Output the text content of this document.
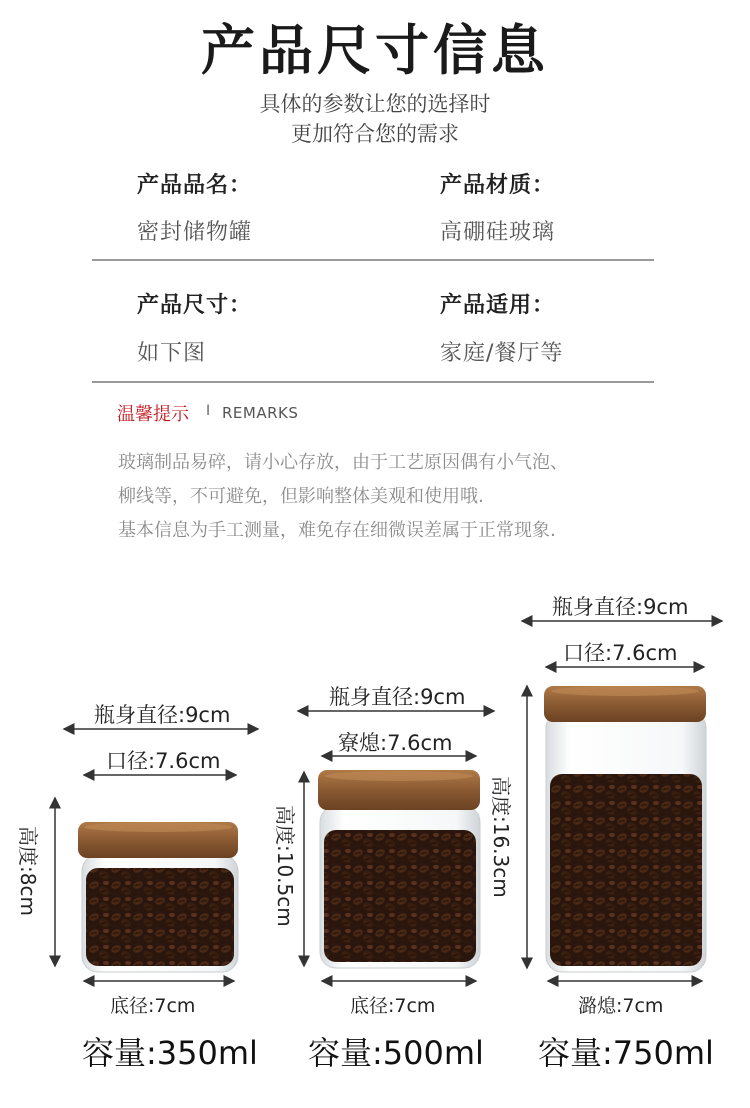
产品尺寸信息
具体的参数让您的选择时
更加符合您的需求
产品品名：
密封储物罐
产品材质：
高硼硅玻璃
产品尺寸：
如下图
产品适用：
家庭/餐厅等
温馨提示 I REMARKS
玻璃制品易碎，请小心存放，由于工艺原因偶有小气泡、
柳线等，不可避免，但影响整体美观和使用哦.
基本信息为手工测量，难免存在细微误差属于正常现象.
瓶身直径:9cm
口径:7.6cm
高度:8cm
底径:7cm
容量:350ml
瓶身直径:9cm
寮熄:7.6cm
高度:10.5cm
底径:7cm
容量:500ml
瓶身直径:9cm
口径:7.6cm
高度:16.3cm
潞熄:7cm
容量:750ml
